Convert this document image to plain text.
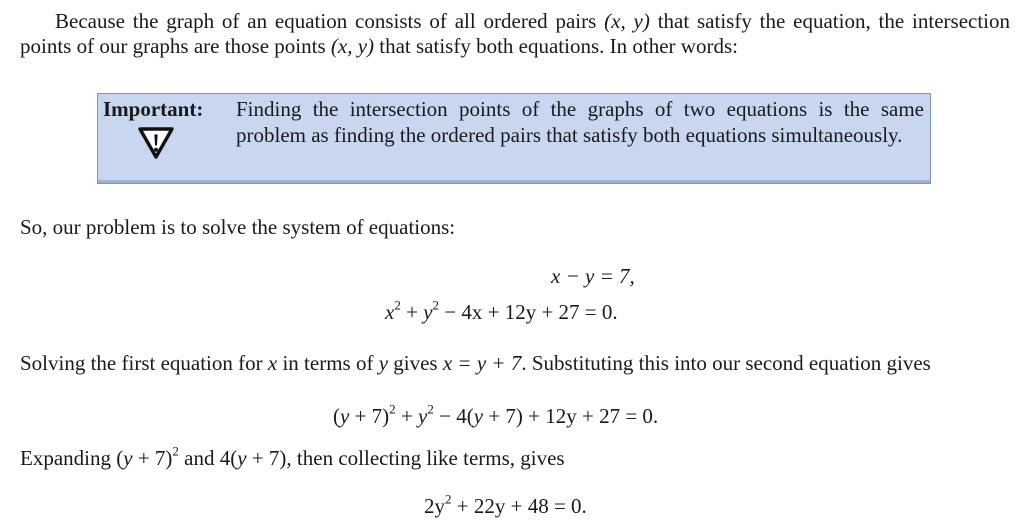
Because the graph of an equation consists of all ordered pairs (x, y) that satisfy the equation, the intersection points of our graphs are those points (x, y) that satisfy both equations. In other words:

Important: Finding the intersection points of the graphs of two equations is the same problem as finding the ordered pairs that satisfy both equations simultaneously.

So, our problem is to solve the system of equations:

x − y = 7,

$x^2 + y^2 - 4x + 12y + 27 = 0$.

Solving the first equation for x in terms of y gives x = y + 7. Substituting this into our second equation gives

$(y + 7)^2 + y^2 - 4(y + 7) + 12y + 27 = 0$.

Expanding $(y + 7)^2$ and 4(y + 7), then collecting like terms, gives

$2y^2 + 22y + 48 = 0$.
